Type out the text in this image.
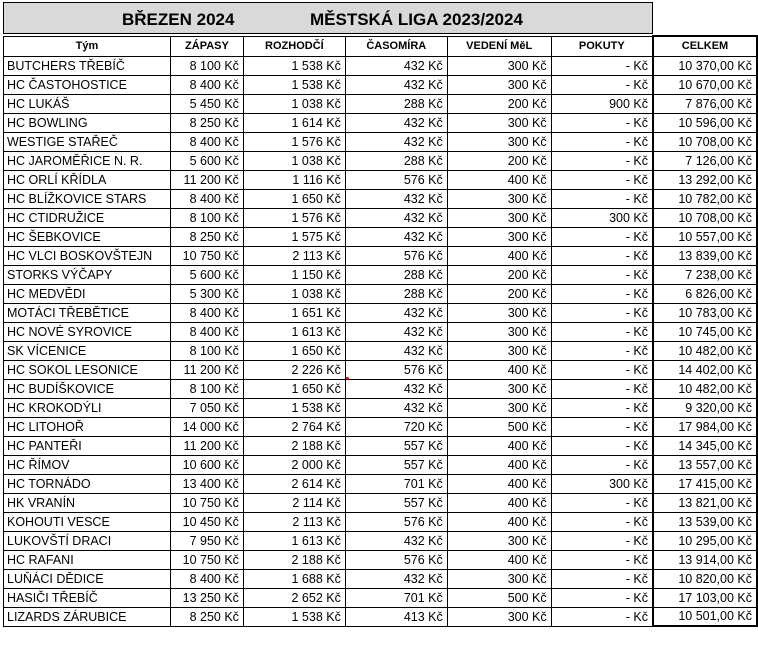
BŘEZEN 2024	MĚSTSKÁ LIGA 2023/2024
Tým	ZÁPASY	ROZHODČÍ	ČASOMÍRA	VEDENÍ MěL	POKUTY	CELKEM
BUTCHERS TŘEBÍČ	8 100 Kč	1 538 Kč	432 Kč	300 Kč	- Kč	10 370,00 Kč
HC ČASTOHOSTICE	8 400 Kč	1 538 Kč	432 Kč	300 Kč	- Kč	10 670,00 Kč
HC LUKÁŠ	5 450 Kč	1 038 Kč	288 Kč	200 Kč	900 Kč	7 876,00 Kč
HC BOWLING	8 250 Kč	1 614 Kč	432 Kč	300 Kč	- Kč	10 596,00 Kč
WESTIGE STAŘEČ	8 400 Kč	1 576 Kč	432 Kč	300 Kč	- Kč	10 708,00 Kč
HC JAROMĚŘICE N. R.	5 600 Kč	1 038 Kč	288 Kč	200 Kč	- Kč	7 126,00 Kč
HC ORLÍ KŘÍDLA	11 200 Kč	1 116 Kč	576 Kč	400 Kč	- Kč	13 292,00 Kč
HC BLÍŽKOVICE STARS	8 400 Kč	1 650 Kč	432 Kč	300 Kč	- Kč	10 782,00 Kč
HC CTIDRUŽICE	8 100 Kč	1 576 Kč	432 Kč	300 Kč	300 Kč	10 708,00 Kč
HC ŠEBKOVICE	8 250 Kč	1 575 Kč	432 Kč	300 Kč	- Kč	10 557,00 Kč
HC VLCI BOSKOVŠTEJN	10 750 Kč	2 113 Kč	576 Kč	400 Kč	- Kč	13 839,00 Kč
STORKS VÝČAPY	5 600 Kč	1 150 Kč	288 Kč	200 Kč	- Kč	7 238,00 Kč
HC MEDVĚDI	5 300 Kč	1 038 Kč	288 Kč	200 Kč	- Kč	6 826,00 Kč
MOTÁCI TŘEBĚTICE	8 400 Kč	1 651 Kč	432 Kč	300 Kč	- Kč	10 783,00 Kč
HC NOVÉ SYROVICE	8 400 Kč	1 613 Kč	432 Kč	300 Kč	- Kč	10 745,00 Kč
SK VÍCENICE	8 100 Kč	1 650 Kč	432 Kč	300 Kč	- Kč	10 482,00 Kč
HC SOKOL LESONICE	11 200 Kč	2 226 Kč	576 Kč	400 Kč	- Kč	14 402,00 Kč
HC BUDÍŠKOVICE	8 100 Kč	1 650 Kč	432 Kč	300 Kč	- Kč	10 482,00 Kč
HC KROKODÝLI	7 050 Kč	1 538 Kč	432 Kč	300 Kč	- Kč	9 320,00 Kč
HC LITOHOŘ	14 000 Kč	2 764 Kč	720 Kč	500 Kč	- Kč	17 984,00 Kč
HC PANTEŘI	11 200 Kč	2 188 Kč	557 Kč	400 Kč	- Kč	14 345,00 Kč
HC ŘÍMOV	10 600 Kč	2 000 Kč	557 Kč	400 Kč	- Kč	13 557,00 Kč
HC TORNÁDO	13 400 Kč	2 614 Kč	701 Kč	400 Kč	300 Kč	17 415,00 Kč
HK VRANÍN	10 750 Kč	2 114 Kč	557 Kč	400 Kč	- Kč	13 821,00 Kč
KOHOUTI VESCE	10 450 Kč	2 113 Kč	576 Kč	400 Kč	- Kč	13 539,00 Kč
LUKOVŠTÍ DRACI	7 950 Kč	1 613 Kč	432 Kč	300 Kč	- Kč	10 295,00 Kč
HC RAFANI	10 750 Kč	2 188 Kč	576 Kč	400 Kč	- Kč	13 914,00 Kč
LUŇÁCI DĚDICE	8 400 Kč	1 688 Kč	432 Kč	300 Kč	- Kč	10 820,00 Kč
HASIČI TŘEBÍČ	13 250 Kč	2 652 Kč	701 Kč	500 Kč	- Kč	17 103,00 Kč
LIZARDS ZÁRUBICE	8 250 Kč	1 538 Kč	413 Kč	300 Kč	- Kč	10 501,00 Kč
